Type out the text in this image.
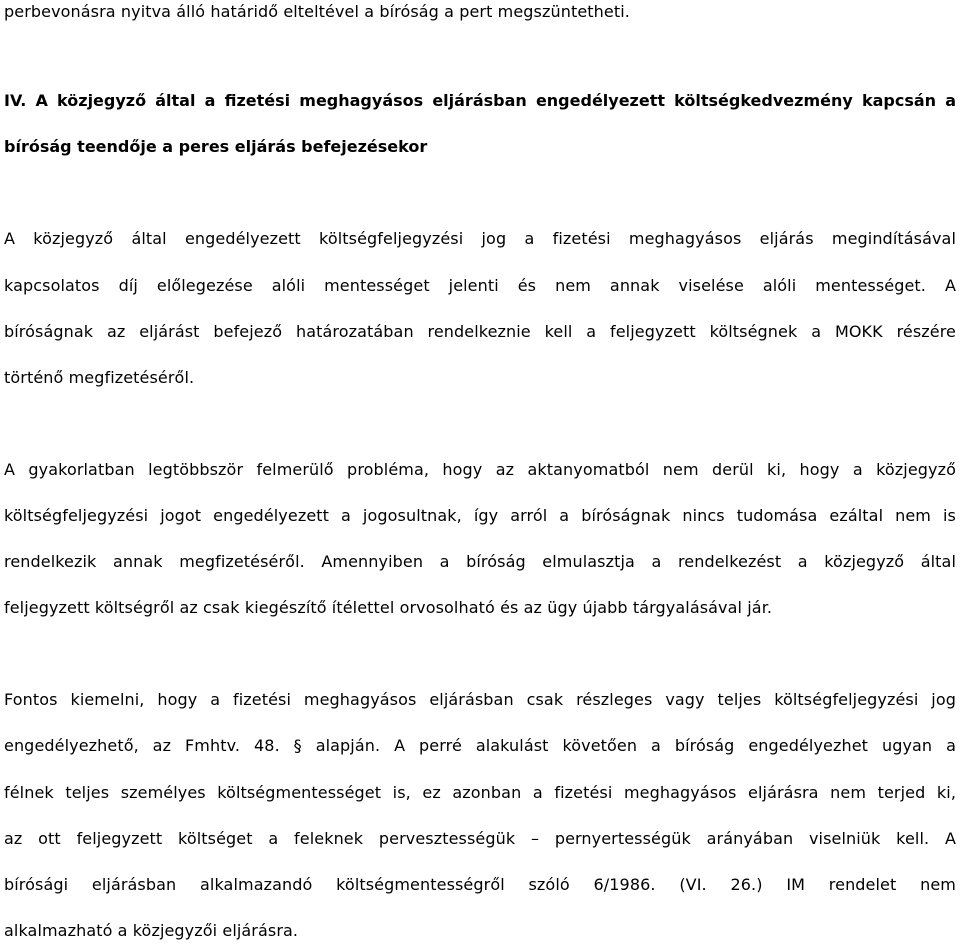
perbevonásra nyitva álló határidő elteltével a bíróság a pert megszüntetheti.
IV. A közjegyző által a fizetési meghagyásos eljárásban engedélyezett költségkedvezmény kapcsán a
bíróság teendője a peres eljárás befejezésekor
A közjegyző által engedélyezett költségfeljegyzési jog a fizetési meghagyásos eljárás megindításával
kapcsolatos díj előlegezése alóli mentességet jelenti és nem annak viselése alóli mentességet. A
bíróságnak az eljárást befejező határozatában rendelkeznie kell a feljegyzett költségnek a MOKK részére
történő megfizetéséről.
A gyakorlatban legtöbbször felmerülő probléma, hogy az aktanyomatból nem derül ki, hogy a közjegyző
költségfeljegyzési jogot engedélyezett a jogosultnak, így arról a bíróságnak nincs tudomása ezáltal nem is
rendelkezik annak megfizetéséről. Amennyiben a bíróság elmulasztja a rendelkezést a közjegyző által
feljegyzett költségről az csak kiegészítő ítélettel orvosolható és az ügy újabb tárgyalásával jár.
Fontos kiemelni, hogy a fizetési meghagyásos eljárásban csak részleges vagy teljes költségfeljegyzési jog
engedélyezhető, az Fmhtv. 48. § alapján. A perré alakulást követően a bíróság engedélyezhet ugyan a
félnek teljes személyes költségmentességet is, ez azonban a fizetési meghagyásos eljárásra nem terjed ki,
az ott feljegyzett költséget a feleknek pervesztességük – pernyertességük arányában viselniük kell. A
bírósági eljárásban alkalmazandó költségmentességről szóló 6/1986. (VI. 26.) IM rendelet nem
alkalmazható a közjegyzői eljárásra.
